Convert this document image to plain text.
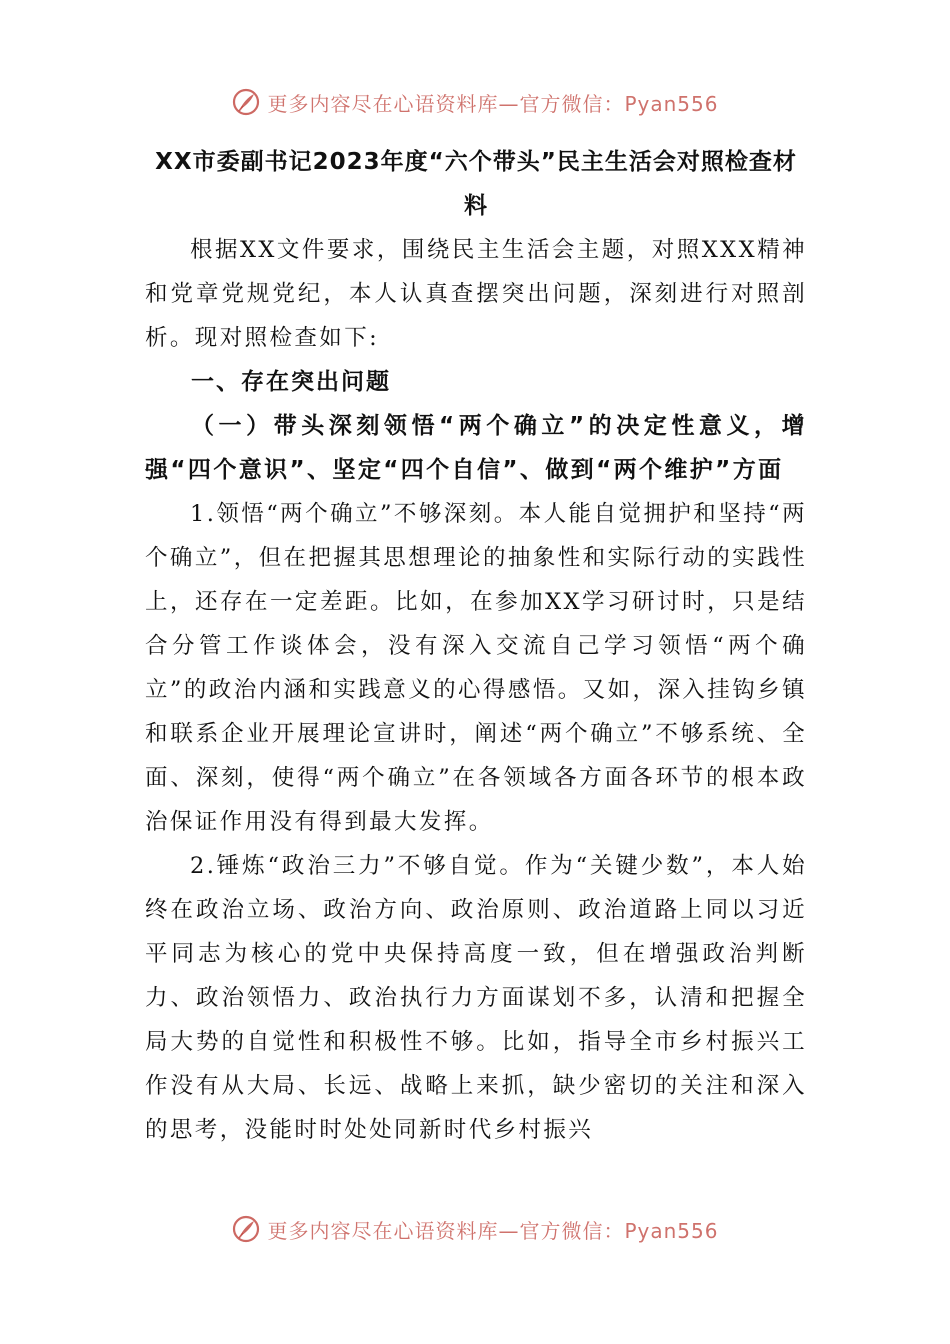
更多内容尽在心语资料库—官方微信：Pyan556
XX市委副书记2023年度“六个带头”民主生活会对照检查材料

根据XX文件要求，围绕民主生活会主题，对照XXX精神和党章党规党纪，本人认真查摆突出问题，深刻进行对照剖析。现对照检查如下:

一、存在突出问题

（一）带头深刻领悟“两个确立”的决定性意义，增强“四个意识”、坚定“四个自信”、做到“两个维护”方面

1.领悟“两个确立”不够深刻。本人能自觉拥护和坚持“两个确立”，但在把握其思想理论的抽象性和实际行动的实践性上，还存在一定差距。比如，在参加XX学习研讨时，只是结合分管工作谈体会，没有深入交流自己学习领悟“两个确立”的政治内涵和实践意义的心得感悟。又如，深入挂钩乡镇和联系企业开展理论宣讲时，阐述“两个确立”不够系统、全面、深刻，使得“两个确立”在各领域各方面各环节的根本政治保证作用没有得到最大发挥。

2.锤炼“政治三力”不够自觉。作为“关键少数”，本人始终在政治立场、政治方向、政治原则、政治道路上同以习近平同志为核心的党中央保持高度一致，但在增强政治判断力、政治领悟力、政治执行力方面谋划不多，认清和把握全局大势的自觉性和积极性不够。比如，指导全市乡村振兴工作没有从大局、长远、战略上来抓，缺少密切的关注和深入的思考，没能时时处处同新时代乡村振兴

更多内容尽在心语资料库—官方微信：Pyan556
